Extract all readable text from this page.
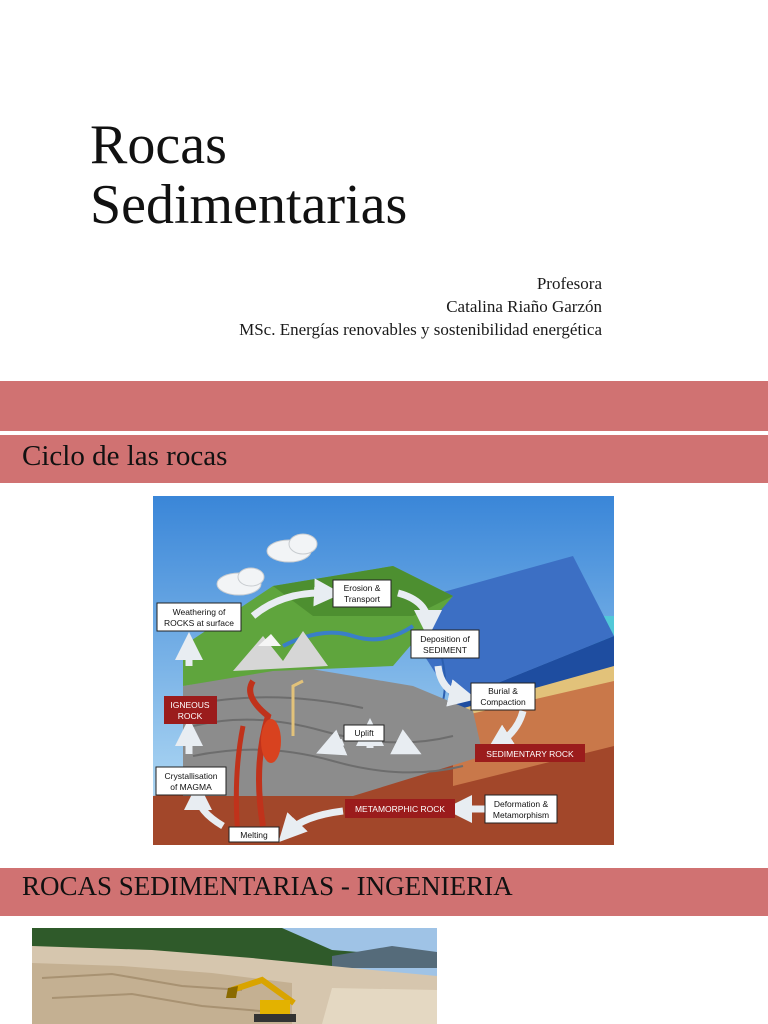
Rocas
Sedimentarias
Profesora
Catalina Riaño Garzón
MSc. Energías renovables y sostenibilidad energética
Ciclo de las rocas
Weathering of
ROCKS at surface
Erosion &
Transport
Deposition of
SEDIMENT
Burial &
Compaction
SEDIMENTARY ROCK
Deformation &
Metamorphism
METAMORPHIC ROCK
Melting
Crystallisation
of MAGMA
IGNEOUS
ROCK
Uplift
ROCAS SEDIMENTARIAS - INGENIERIA
